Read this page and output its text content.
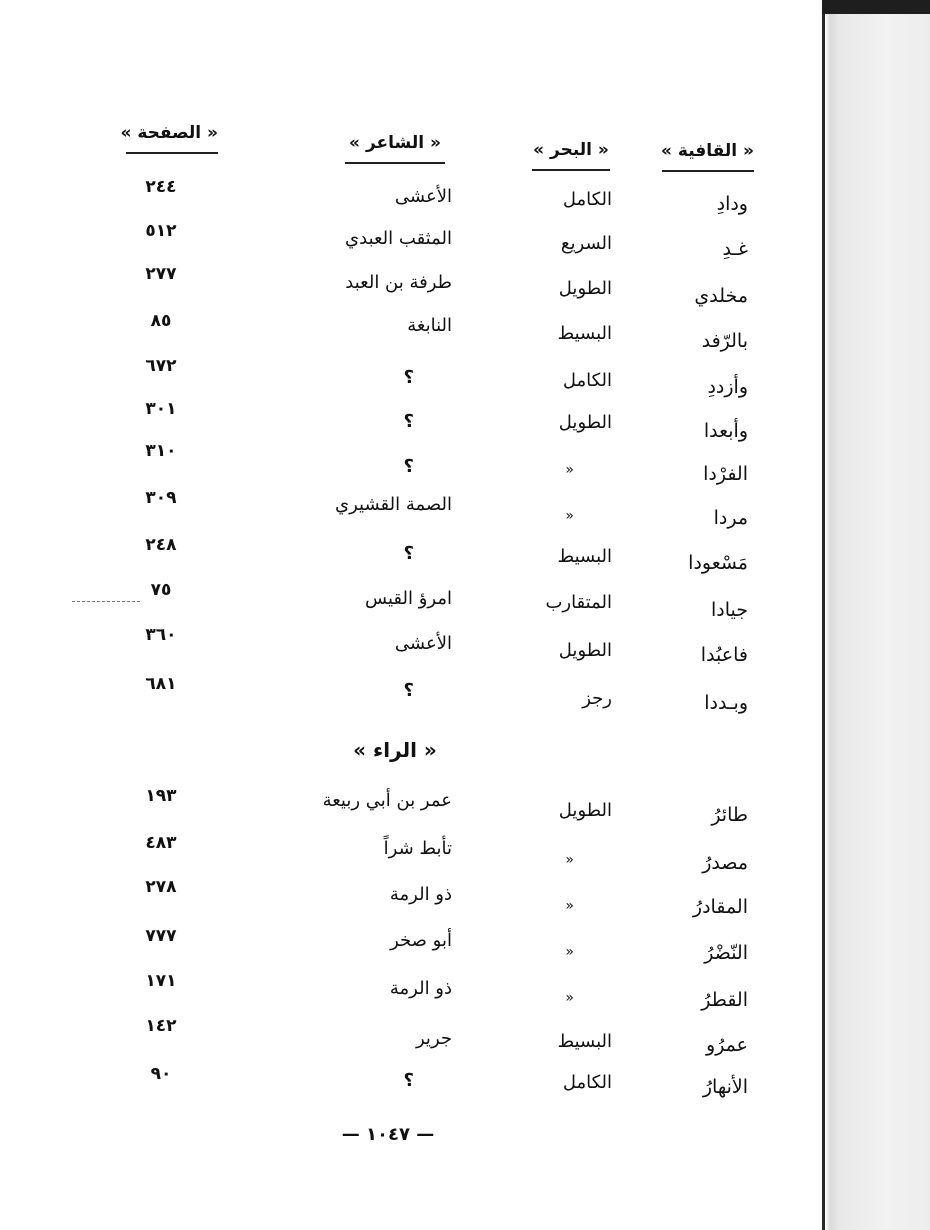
« القافية »
« البحر »
« الشاعر »
« الصفحة »
ودادِ
الكامل
الأعشى
٢٤٤
غـدِ
السريع
المثقب العبدي
٥١٢
مخلدي
الطويل
طرفة بن العبد
٢٧٧
بالرّفد
البسيط
النابغة
٨٥
وأزددِ
الكامل
؟
٦٧٢
وأبعدا
الطويل
؟
٣٠١
الفرْدا
«
؟
٣١٠
مردا
«
الصمة القشيري
٣٠٩
مَسْعودا
البسيط
؟
٢٤٨
جيادا
المتقارب
امرؤ القيس
٧٥
فاعبُدا
الطويل
الأعشى
٣٦٠
وبـددا
رجز
؟
٦٨١
« الراء »
طائرُ
الطويل
عمر بن أبي ربيعة
١٩٣
مصدرُ
«
تأبط شراً
٤٨٣
المقادرُ
«
ذو الرمة
٢٧٨
النّضْرُ
«
أبو صخر
٧٧٧
القطرُ
«
ذو الرمة
١٧١
عمرُو
البسيط
جرير
١٤٢
الأنهارُ
الكامل
؟
٩٠
— ١٠٤٧ —
